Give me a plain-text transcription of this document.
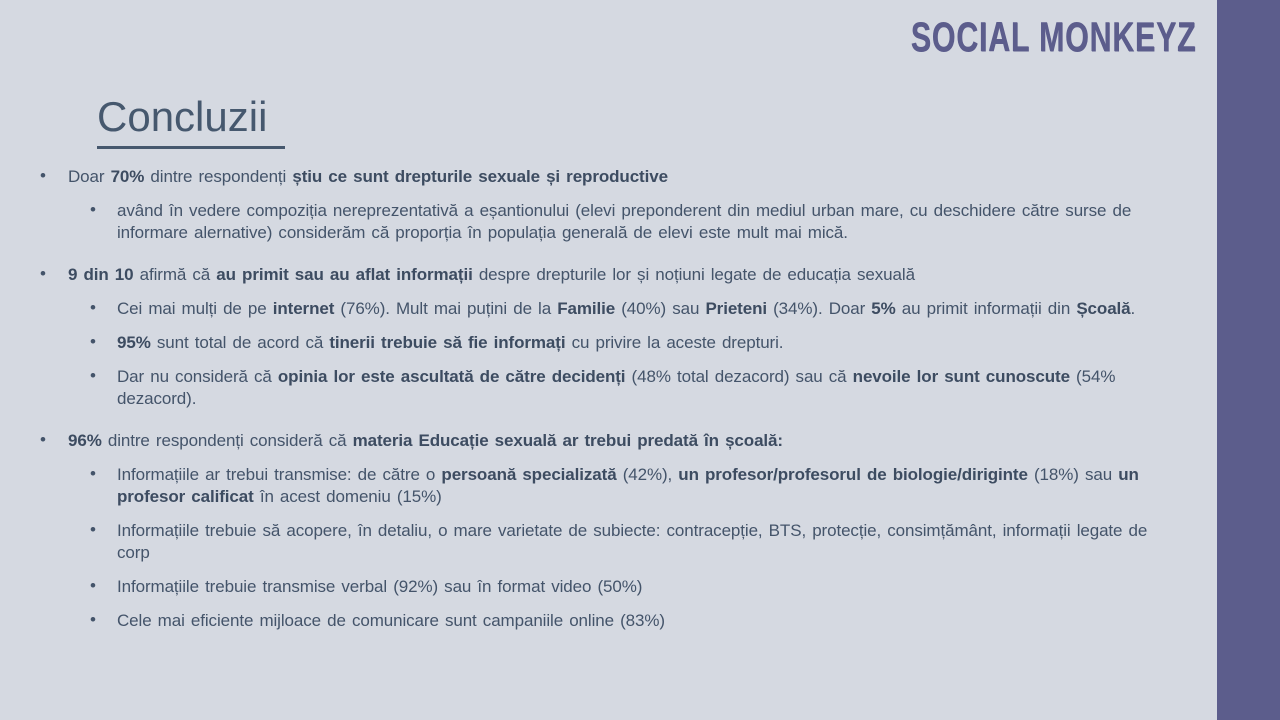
SOCIAL MONKEYZ
Concluzii
• Doar 70% dintre respondenți știu ce sunt drepturile sexuale și reproductive
• având în vedere compoziția nereprezentativă a eșantionului (elevi preponderent din mediul urban mare, cu deschidere către surse de informare alernative) considerăm că proporția în populația generală de elevi este mult mai mică.
• 9 din 10 afirmă că au primit sau au aflat informații despre drepturile lor și noțiuni legate de educația sexuală
• Cei mai mulți de pe internet (76%). Mult mai puțini de la Familie (40%) sau Prieteni (34%). Doar 5% au primit informații din Școală.
• 95% sunt total de acord că tinerii trebuie să fie informați cu privire la aceste drepturi.
• Dar nu consideră că opinia lor este ascultată de către decidenți (48% total dezacord) sau că nevoile lor sunt cunoscute (54% dezacord).
• 96% dintre respondenți consideră că materia Educație sexuală ar trebui predată în școală:
• Informațiile ar trebui transmise: de către o persoană specializată (42%), un profesor/profesorul de biologie/diriginte (18%) sau un profesor calificat în acest domeniu (15%)
• Informațiile trebuie să acopere, în detaliu, o mare varietate de subiecte: contracepție, BTS, protecție, consimțământ, informații legate de corp
• Informațiile trebuie transmise verbal (92%) sau în format video (50%)
• Cele mai eficiente mijloace de comunicare sunt campaniile online (83%)
